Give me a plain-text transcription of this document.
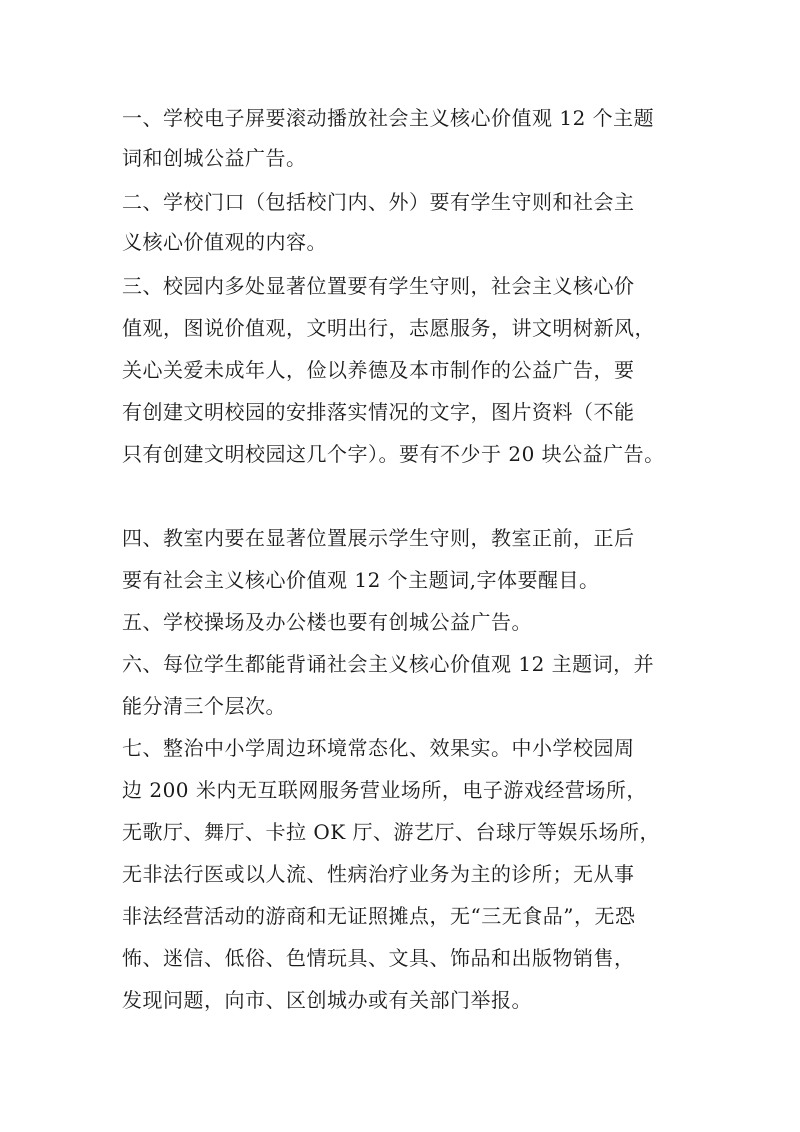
一、学校电子屏要滚动播放社会主义核心价值观 12 个主题
词和创城公益广告。
二、学校门口（包括校门内、外）要有学生守则和社会主
义核心价值观的内容。
三、校园内多处显著位置要有学生守则，社会主义核心价
值观，图说价值观，文明出行，志愿服务，讲文明树新风，
关心关爱未成年人，俭以养德及本市制作的公益广告，要
有创建文明校园的安排落实情况的文字，图片资料（不能
只有创建文明校园这几个字）。要有不少于 20 块公益广告。
四、教室内要在显著位置展示学生守则，教室正前，正后
要有社会主义核心价值观 12 个主题词,字体要醒目。
五、学校操场及办公楼也要有创城公益广告。
六、每位学生都能背诵社会主义核心价值观 12 主题词，并
能分清三个层次。
七、整治中小学周边环境常态化、效果实。中小学校园周
边 200 米内无互联网服务营业场所，电子游戏经营场所，
无歌厅、舞厅、卡拉 OK 厅、游艺厅、台球厅等娱乐场所，
无非法行医或以人流、性病治疗业务为主的诊所；无从事
非法经营活动的游商和无证照摊点，无“三无食品”，无恐
怖、迷信、低俗、色情玩具、文具、饰品和出版物销售，
发现问题，向市、区创城办或有关部门举报。
